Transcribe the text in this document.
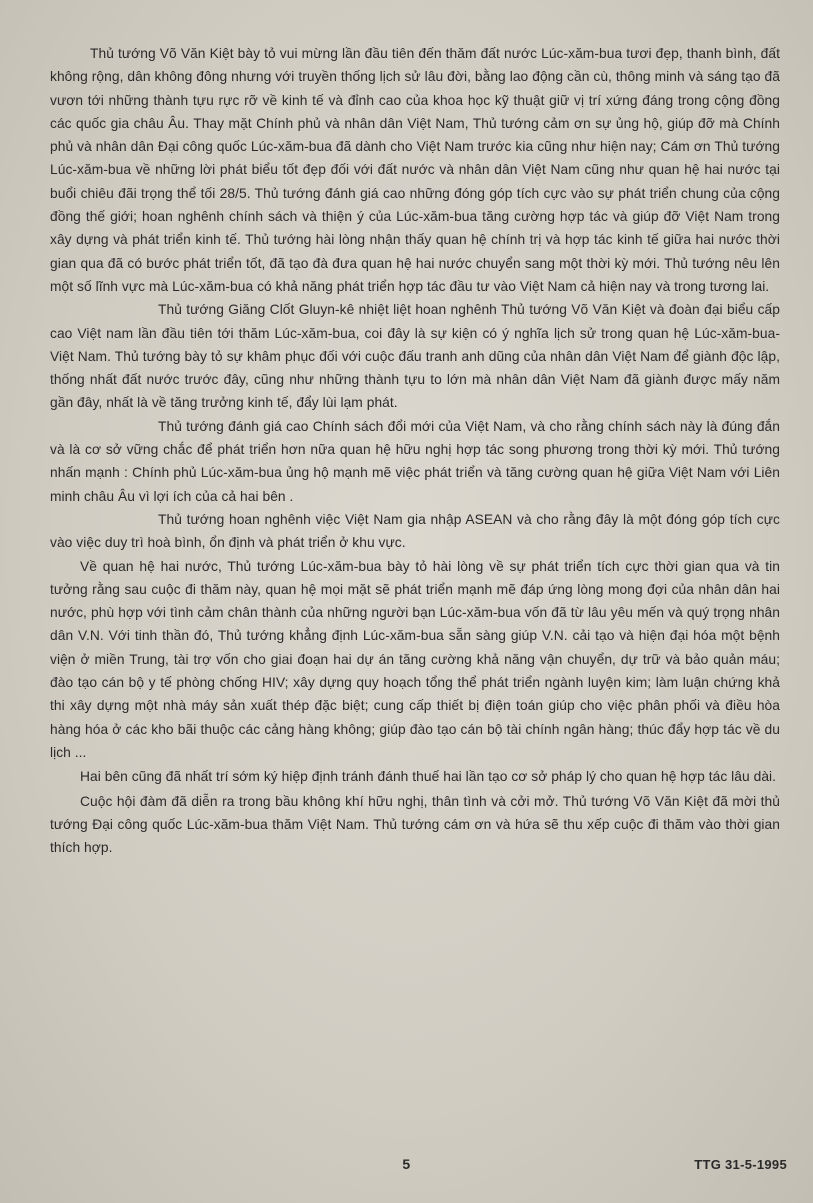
Thủ tướng Võ Văn Kiệt bày tỏ vui mừng lần đầu tiên đến thăm đất nước Lúc-xăm-bua tươi đẹp, thanh bình, đất không rộng, dân không đông nhưng với truyền thống lịch sử lâu đời, bằng lao động cần cù, thông minh và sáng tạo đã vươn tới những thành tựu rực rỡ về kinh tế và đỉnh cao của khoa học kỹ thuật giữ vị trí xứng đáng trong cộng đồng các quốc gia châu Âu. Thay mặt Chính phủ và nhân dân Việt Nam, Thủ tướng cảm ơn sự ủng hộ, giúp đỡ mà Chính phủ và nhân dân Đại công quốc Lúc-xăm-bua đã dành cho Việt Nam trước kia cũng như hiện nay; Cám ơn Thủ tướng Lúc-xăm-bua về những lời phát biểu tốt đẹp đối với đất nước và nhân dân Việt Nam cũng như quan hệ hai nước tại buổi chiêu đãi trọng thể tối 28/5. Thủ tướng đánh giá cao những đóng góp tích cực vào sự phát triển chung của cộng đồng thế giới; hoan nghênh chính sách và thiện ý của Lúc-xăm-bua tăng cường hợp tác và giúp đỡ Việt Nam trong xây dựng và phát triển kinh tế. Thủ tướng hài lòng nhận thấy quan hệ chính trị và hợp tác kinh tế giữa hai nước thời gian qua đã có bước phát triển tốt, đã tạo đà đưa quan hệ hai nước chuyển sang một thời kỳ mới. Thủ tướng nêu lên một số lĩnh vực mà Lúc-xăm-bua có khả năng phát triển hợp tác đầu tư vào Việt Nam cả hiện nay và trong tương lai.

Thủ tướng Giăng Clốt Gluyn-kê nhiệt liệt hoan nghênh Thủ tướng Võ Văn Kiệt và đoàn đại biểu cấp cao Việt nam lần đầu tiên tới thăm Lúc-xăm-bua, coi đây là sự kiện có ý nghĩa lịch sử trong quan hệ Lúc-xăm-bua- Việt Nam. Thủ tướng bày tỏ sự khâm phục đối với cuộc đấu tranh anh dũng của nhân dân Việt Nam để giành độc lập, thống nhất đất nước trước đây, cũng như những thành tựu to lớn mà nhân dân Việt Nam đã giành được mấy năm gần đây, nhất là về tăng trưởng kinh tế, đẩy lùi lạm phát.

Thủ tướng đánh giá cao Chính sách đổi mới của Việt Nam, và cho rằng chính sách này là đúng đắn và là cơ sở vững chắc để phát triển hơn nữa quan hệ hữu nghị hợp tác song phương trong thời kỳ mới. Thủ tướng nhấn mạnh : Chính phủ Lúc-xăm-bua ủng hộ mạnh mẽ việc phát triển và tăng cường quan hệ giữa Việt Nam với Liên minh châu Âu vì lợi ích của cả hai bên .

Thủ tướng hoan nghênh việc Việt Nam gia nhập ASEAN và cho rằng đây là một đóng góp tích cực vào việc duy trì hoà bình, ổn định và phát triển ở khu vực.

Về quan hệ hai nước, Thủ tướng Lúc-xăm-bua bày tỏ hài lòng về sự phát triển tích cực thời gian qua và tin tưởng rằng sau cuộc đi thăm này, quan hệ mọi mặt sẽ phát triển mạnh mẽ đáp ứng lòng mong đợi của nhân dân hai nước, phù hợp với tình cảm chân thành của những người bạn Lúc-xăm-bua vốn đã từ lâu yêu mến và quý trọng nhân dân V.N. Với tinh thần đó, Thủ tướng khẳng định Lúc-xăm-bua sẵn sàng giúp V.N. cải tạo và hiện đại hóa một bệnh viện ở miền Trung, tài trợ vốn cho giai đoạn hai dự án tăng cường khả năng vận chuyển, dự trữ và bảo quản máu; đào tạo cán bộ y tế phòng chống HIV; xây dựng quy hoạch tổng thể phát triển ngành luyện kim; làm luận chứng khả thi xây dựng một nhà máy sản xuất thép đặc biệt; cung cấp thiết bị điện toán giúp cho việc phân phối và điều hòa hàng hóa ở các kho bãi thuộc các cảng hàng không; giúp đào tạo cán bộ tài chính ngân hàng; thúc đẩy hợp tác về du lịch ...

Hai bên cũng đã nhất trí sớm ký hiệp định tránh đánh thuế hai lần tạo cơ sở pháp lý cho quan hệ hợp tác lâu dài.

Cuộc hội đàm đã diễn ra trong bầu không khí hữu nghị, thân tình và cởi mở. Thủ tướng Võ Văn Kiệt đã mời thủ tướng Đại công quốc Lúc-xăm-bua thăm Việt Nam. Thủ tướng cám ơn và hứa sẽ thu xếp cuộc đi thăm vào thời gian thích hợp.

5	TTG 31-5-1995
